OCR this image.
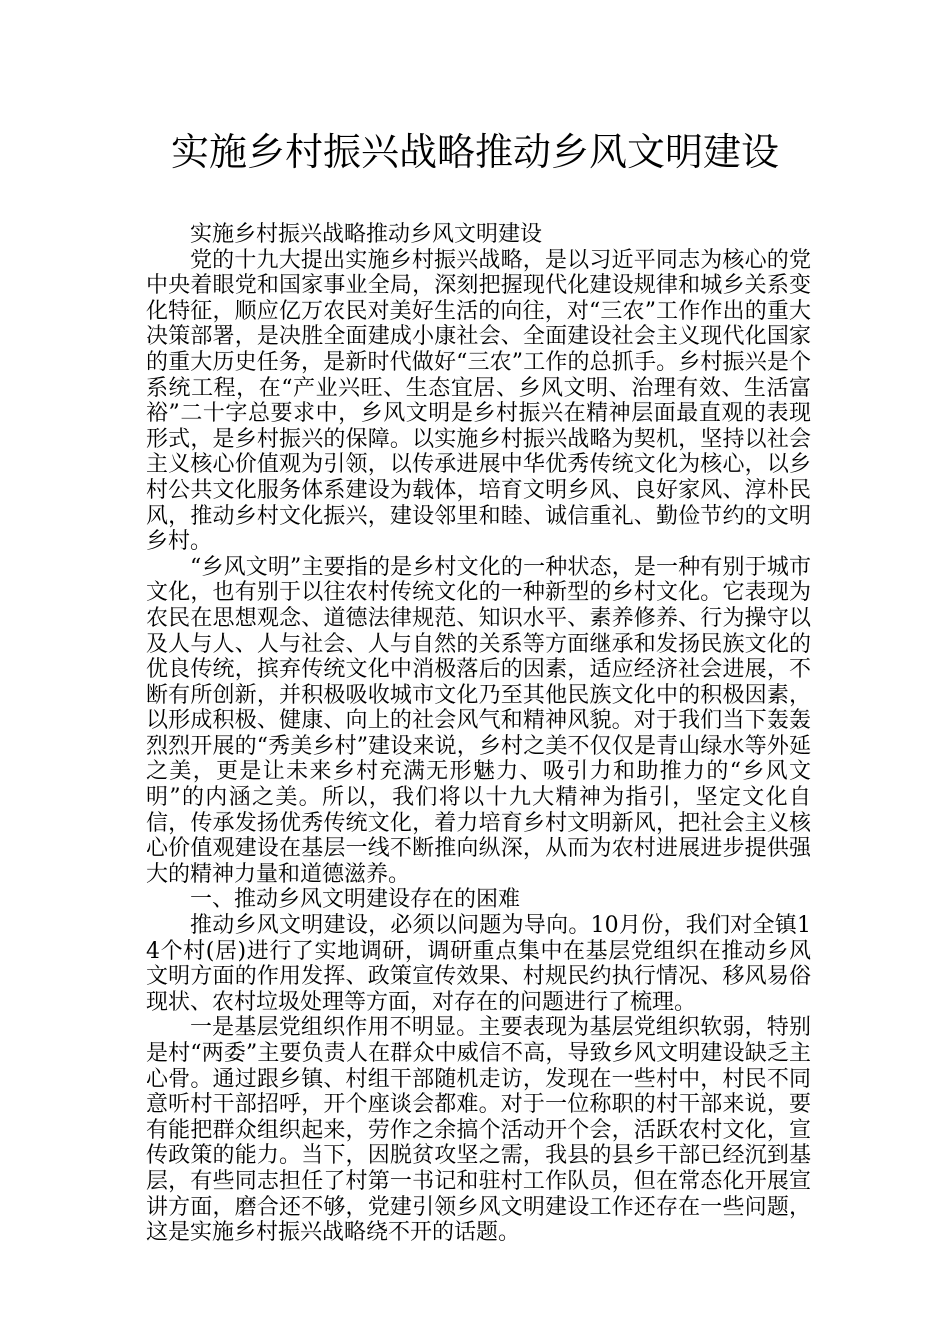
实施乡村振兴战略推动乡风文明建设

实施乡村振兴战略推动乡风文明建设

党的十九大提出实施乡村振兴战略，是以习近平同志为核心的党中央着眼党和国家事业全局，深刻把握现代化建设规律和城乡关系变化特征，顺应亿万农民对美好生活的向往，对“三农”工作作出的重大决策部署，是决胜全面建成小康社会、全面建设社会主义现代化国家的重大历史任务，是新时代做好“三农”工作的总抓手。乡村振兴是个系统工程，在“产业兴旺、生态宜居、乡风文明、治理有效、生活富裕”二十字总要求中，乡风文明是乡村振兴在精神层面最直观的表现形式，是乡村振兴的保障。以实施乡村振兴战略为契机，坚持以社会主义核心价值观为引领，以传承进展中华优秀传统文化为核心，以乡村公共文化服务体系建设为载体，培育文明乡风、良好家风、淳朴民风，推动乡村文化振兴，建设邻里和睦、诚信重礼、勤俭节约的文明乡村。

“乡风文明”主要指的是乡村文化的一种状态，是一种有别于城市文化，也有别于以往农村传统文化的一种新型的乡村文化。它表现为农民在思想观念、道德法律规范、知识水平、素养修养、行为操守以及人与人、人与社会、人与自然的关系等方面继承和发扬民族文化的优良传统，摈弃传统文化中消极落后的因素，适应经济社会进展，不断有所创新，并积极吸收城市文化乃至其他民族文化中的积极因素，以形成积极、健康、向上的社会风气和精神风貌。对于我们当下轰轰烈烈开展的“秀美乡村”建设来说，乡村之美不仅仅是青山绿水等外延之美，更是让未来乡村充满无形魅力、吸引力和助推力的“乡风文明”的内涵之美。所以，我们将以十九大精神为指引，坚定文化自信，传承发扬优秀传统文化，着力培育乡村文明新风，把社会主义核心价值观建设在基层一线不断推向纵深，从而为农村进展进步提供强大的精神力量和道德滋养。

一、推动乡风文明建设存在的困难

推动乡风文明建设，必须以问题为导向。10月份，我们对全镇14个村(居)进行了实地调研，调研重点集中在基层党组织在推动乡风文明方面的作用发挥、政策宣传效果、村规民约执行情况、移风易俗现状、农村垃圾处理等方面，对存在的问题进行了梳理。

一是基层党组织作用不明显。主要表现为基层党组织软弱，特别是村“两委”主要负责人在群众中威信不高，导致乡风文明建设缺乏主心骨。通过跟乡镇、村组干部随机走访，发现在一些村中，村民不同意听村干部招呼，开个座谈会都难。对于一位称职的村干部来说，要有能把群众组织起来，劳作之余搞个活动开个会，活跃农村文化，宣传政策的能力。当下，因脱贫攻坚之需，我县的县乡干部已经沉到基层，有些同志担任了村第一书记和驻村工作队员，但在常态化开展宣讲方面，磨合还不够，党建引领乡风文明建设工作还存在一些问题，这是实施乡村振兴战略绕不开的话题。
